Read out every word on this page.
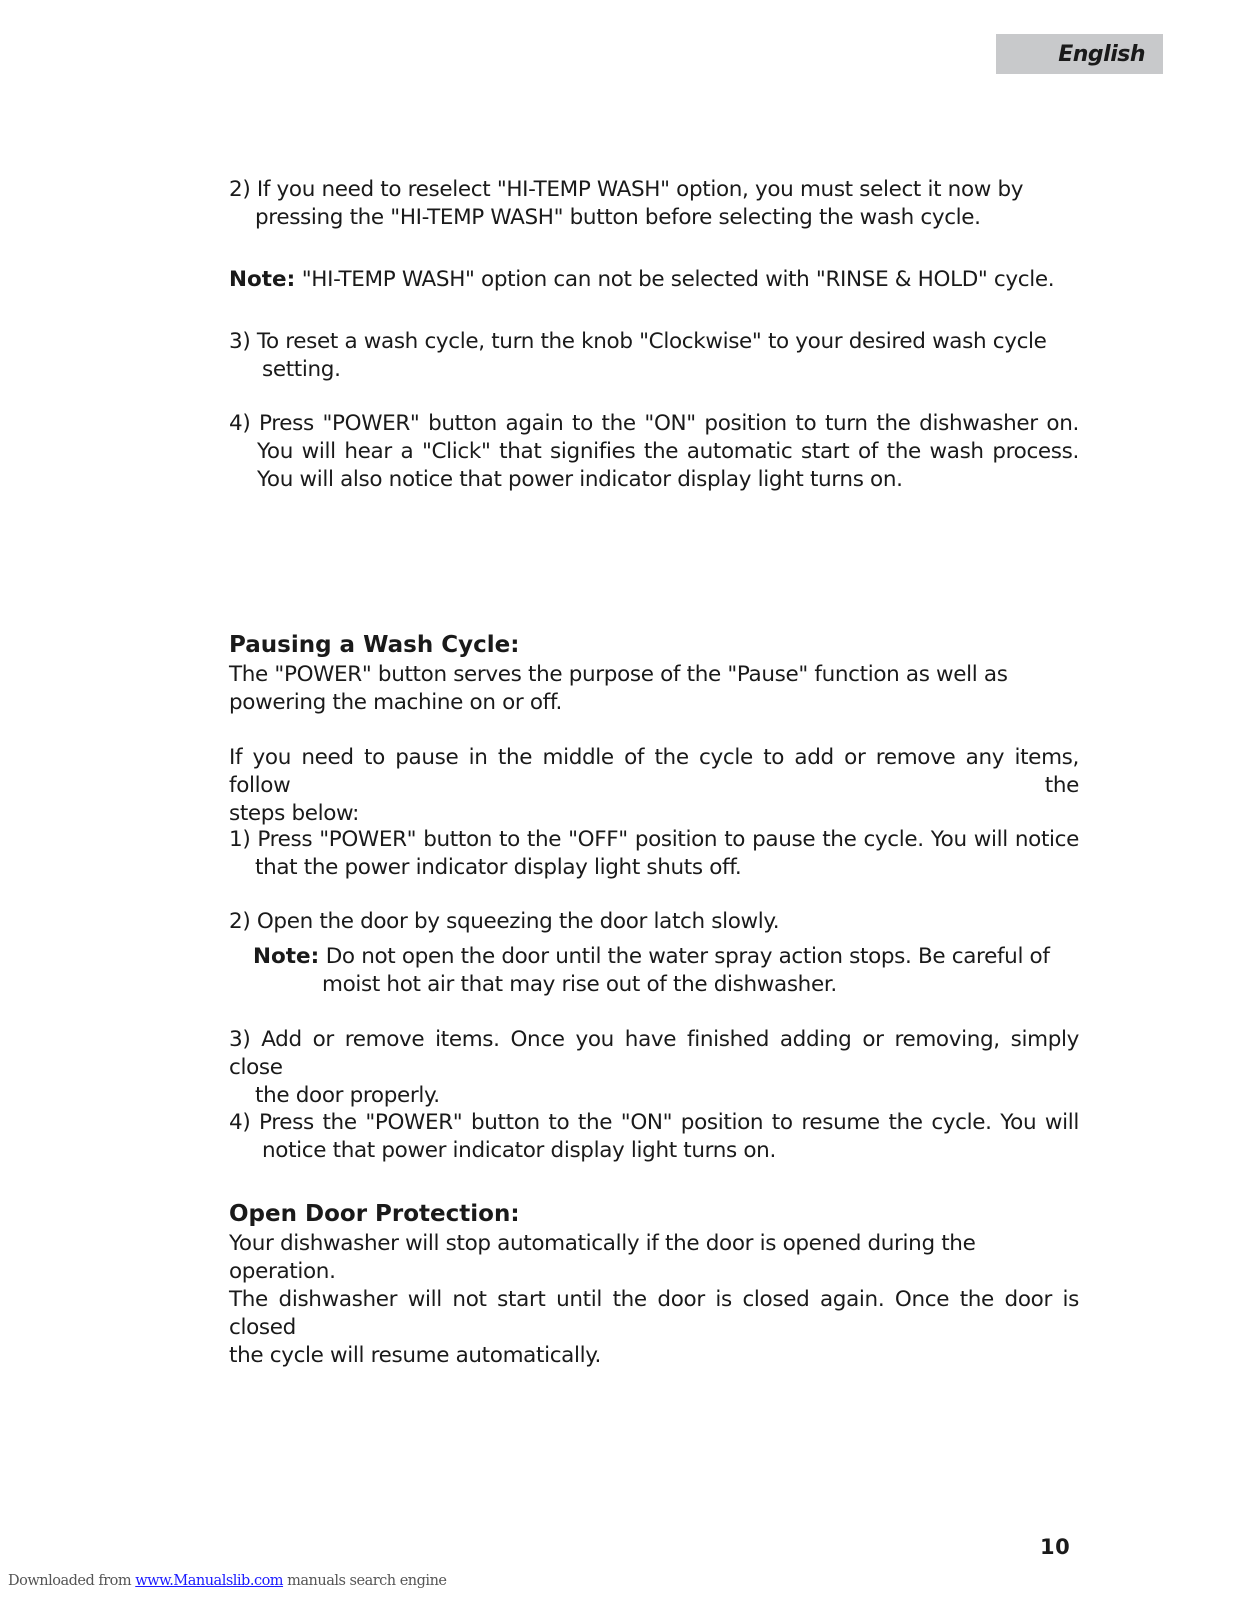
English
2) If you need to reselect "HI-TEMP WASH" option, you must select it now by
pressing the "HI-TEMP WASH" button before selecting the wash cycle.
Note: "HI-TEMP WASH" option can not be selected with "RINSE & HOLD" cycle.
3) To reset a wash cycle, turn the knob "Clockwise" to your desired wash cycle
setting.
4) Press "POWER" button again to the "ON" position to turn the dishwasher on.
You will hear a "Click" that signifies the automatic start of the wash process.
You will also notice that power indicator display light turns on.
Pausing a Wash Cycle:
The "POWER" button serves the purpose of the "Pause" function as well as
powering the machine on or off.
If you need to pause in the middle of the cycle to add or remove any items, follow the
steps below:
1) Press "POWER" button to the "OFF" position to pause the cycle. You will notice
that the power indicator display light shuts off.
2) Open the door by squeezing the door latch slowly.
Note: Do not open the door until the water spray action stops. Be careful of
moist hot air that may rise out of the dishwasher.
3) Add or remove items. Once you have finished adding or removing, simply close
the door properly.
4) Press the "POWER" button to the "ON" position to resume the cycle. You will
notice that power indicator display light turns on.
Open Door Protection:
Your dishwasher will stop automatically if the door is opened during the operation.
The dishwasher will not start until the door is closed again. Once the door is closed
the cycle will resume automatically.
10
Downloaded from www.Manualslib.com manuals search engine
